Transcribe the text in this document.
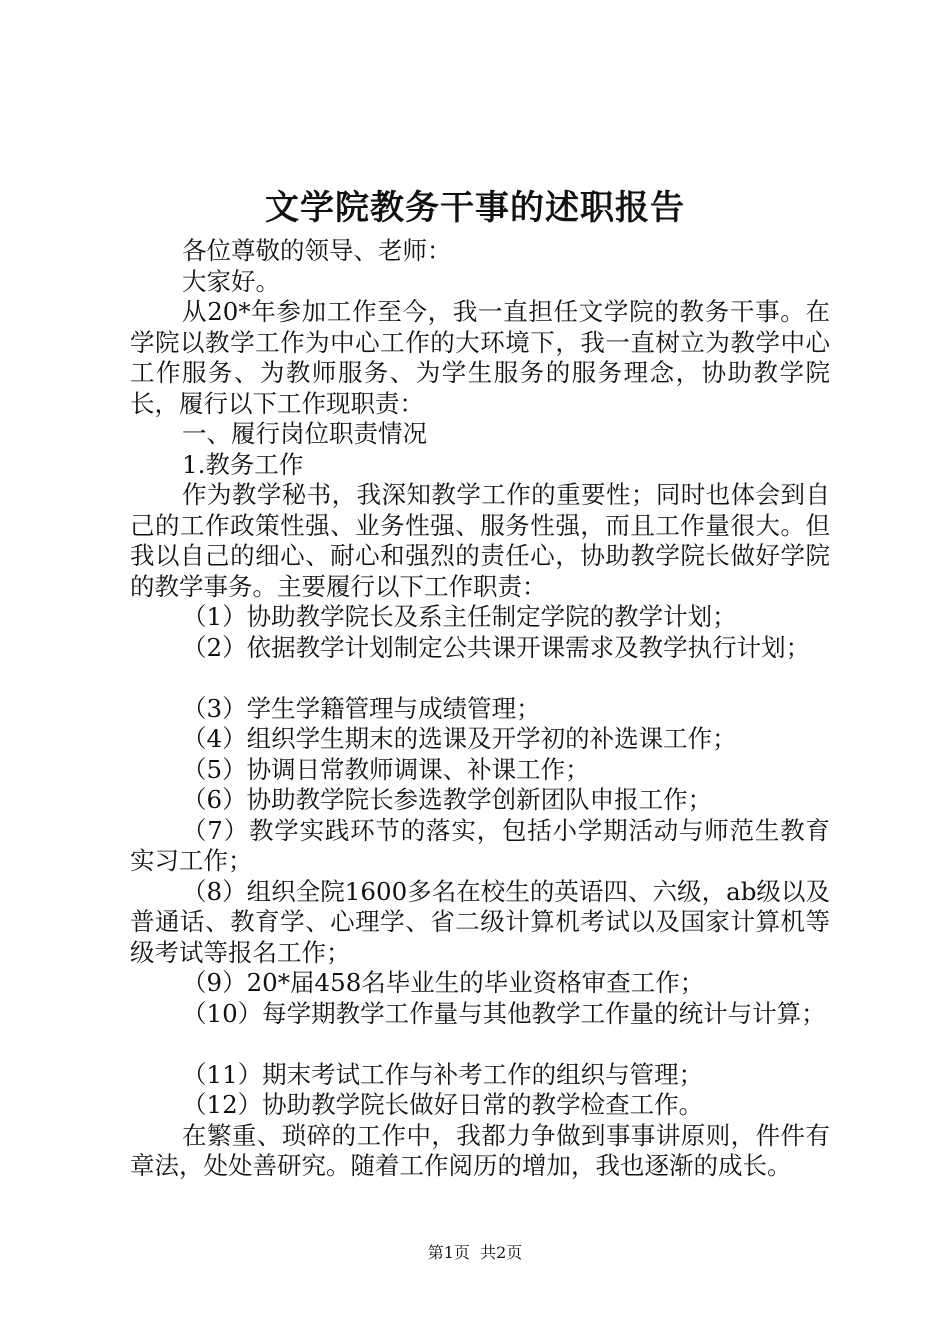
文学院教务干事的述职报告

各位尊敬的领导、老师：

大家好。

从20*年参加工作至今，我一直担任文学院的教务干事。在学院以教学工作为中心工作的大环境下，我一直树立为教学中心工作服务、为教师服务、为学生服务的服务理念，协助教学院长，履行以下工作现职责：

一、履行岗位职责情况

1.教务工作

作为教学秘书，我深知教学工作的重要性；同时也体会到自己的工作政策性强、业务性强、服务性强，而且工作量很大。但我以自己的细心、耐心和强烈的责任心，协助教学院长做好学院的教学事务。主要履行以下工作职责：

（1）协助教学院长及系主任制定学院的教学计划；

（2）依据教学计划制定公共课开课需求及教学执行计划；

（3）学生学籍管理与成绩管理；

（4）组织学生期末的选课及开学初的补选课工作；

（5）协调日常教师调课、补课工作；

（6）协助教学院长参选教学创新团队申报工作；

（7）教学实践环节的落实，包括小学期活动与师范生教育实习工作；

（8）组织全院1600多名在校生的英语四、六级，ab级以及普通话、教育学、心理学、省二级计算机考试以及国家计算机等级考试等报名工作；

（9）20*届458名毕业生的毕业资格审查工作；

（10）每学期教学工作量与其他教学工作量的统计与计算；

（11）期末考试工作与补考工作的组织与管理；

（12）协助教学院长做好日常的教学检查工作。

在繁重、琐碎的工作中，我都力争做到事事讲原则，件件有章法，处处善研究。随着工作阅历的增加，我也逐渐的成长。

第1页 共2页
